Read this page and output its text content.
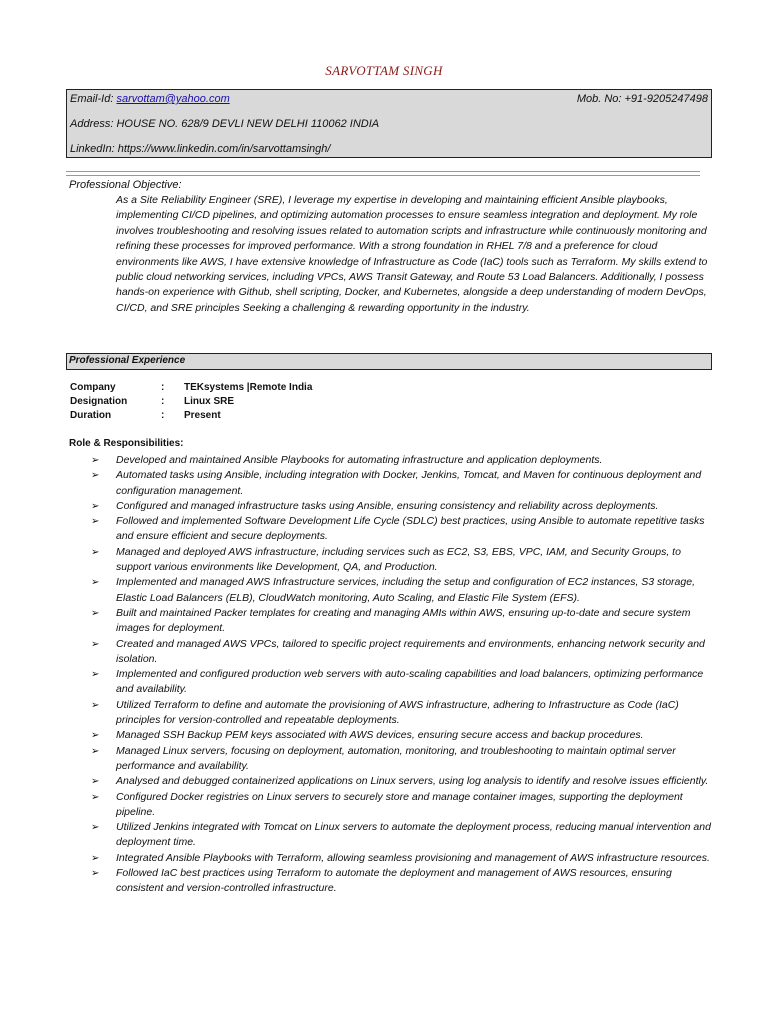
SARVOTTAM SINGH
Email-Id: sarvottam@yahoo.com	Mob. No: +91-9205247498
Address: HOUSE NO. 628/9 DEVLI NEW DELHI 110062 INDIA
LinkedIn: https://www.linkedin.com/in/sarvottamsingh/
Professional Objective:
As a Site Reliability Engineer (SRE), I leverage my expertise in developing and maintaining efficient Ansible playbooks, implementing CI/CD pipelines, and optimizing automation processes to ensure seamless integration and deployment. My role involves troubleshooting and resolving issues related to automation scripts and infrastructure while continuously monitoring and refining these processes for improved performance. With a strong foundation in RHEL 7/8 and a preference for cloud environments like AWS, I have extensive knowledge of Infrastructure as Code (IaC) tools such as Terraform. My skills extend to public cloud networking services, including VPCs, AWS Transit Gateway, and Route 53 Load Balancers. Additionally, I possess hands-on experience with Github, shell scripting, Docker, and Kubernetes, alongside a deep understanding of modern DevOps, CI/CD, and SRE principles Seeking a challenging & rewarding opportunity in the industry.
Professional Experience
Company	: TEKsystems |Remote India
Designation	: Linux SRE
Duration	: Present
Role & Responsibilities:
➢ Developed and maintained Ansible Playbooks for automating infrastructure and application deployments.
➢ Automated tasks using Ansible, including integration with Docker, Jenkins, Tomcat, and Maven for continuous deployment and configuration management.
➢ Configured and managed infrastructure tasks using Ansible, ensuring consistency and reliability across deployments.
➢ Followed and implemented Software Development Life Cycle (SDLC) best practices, using Ansible to automate repetitive tasks and ensure efficient and secure deployments.
➢ Managed and deployed AWS infrastructure, including services such as EC2, S3, EBS, VPC, IAM, and Security Groups, to support various environments like Development, QA, and Production.
➢ Implemented and managed AWS Infrastructure services, including the setup and configuration of EC2 instances, S3 storage, Elastic Load Balancers (ELB), CloudWatch monitoring, Auto Scaling, and Elastic File System (EFS).
➢ Built and maintained Packer templates for creating and managing AMIs within AWS, ensuring up-to-date and secure system images for deployment.
➢ Created and managed AWS VPCs, tailored to specific project requirements and environments, enhancing network security and isolation.
➢ Implemented and configured production web servers with auto-scaling capabilities and load balancers, optimizing performance and availability.
➢ Utilized Terraform to define and automate the provisioning of AWS infrastructure, adhering to Infrastructure as Code (IaC) principles for version-controlled and repeatable deployments.
➢ Managed SSH Backup PEM keys associated with AWS devices, ensuring secure access and backup procedures.
➢ Managed Linux servers, focusing on deployment, automation, monitoring, and troubleshooting to maintain optimal server performance and availability.
➢ Analysed and debugged containerized applications on Linux servers, using log analysis to identify and resolve issues efficiently.
➢ Configured Docker registries on Linux servers to securely store and manage container images, supporting the deployment pipeline.
➢ Utilized Jenkins integrated with Tomcat on Linux servers to automate the deployment process, reducing manual intervention and deployment time.
➢ Integrated Ansible Playbooks with Terraform, allowing seamless provisioning and management of AWS infrastructure resources.
➢ Followed IaC best practices using Terraform to automate the deployment and management of AWS resources, ensuring consistent and version-controlled infrastructure.
